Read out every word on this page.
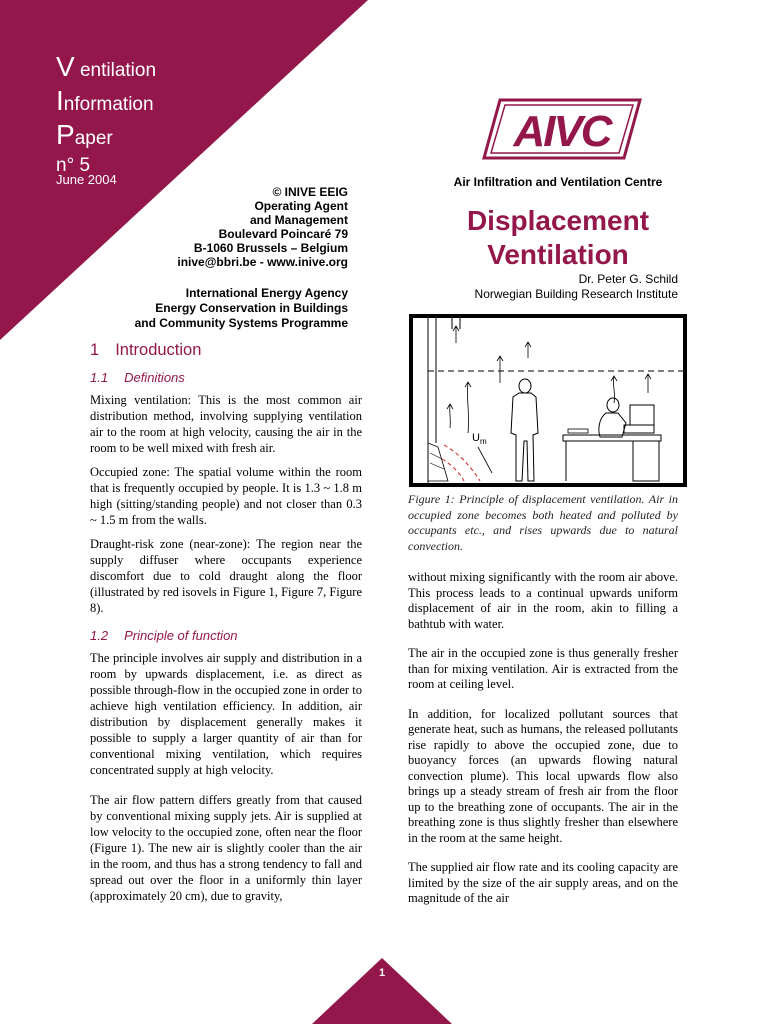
V entilation
Information
Paper
n° 5
June 2004
© INIVE EEIG
Operating Agent
and Management
Boulevard Poincaré 79
B-1060 Brussels – Belgium
inive@bbri.be - www.inive.org
International Energy Agency
Energy Conservation in Buildings
and Community Systems Programme
AIVC
Air Infiltration and Ventilation Centre
Displacement
Ventilation
Dr. Peter G. Schild
Norwegian Building Research Institute
1 Introduction
1.1 Definitions

Mixing ventilation: This is the most common air distribution method, involving supplying ventilation air to the room at high velocity, causing the air in the room to be well mixed with fresh air.

Occupied zone: The spatial volume within the room that is frequently occupied by people. It is 1.3 ~ 1.8 m high (sitting/standing people) and not closer than 0.3 ~ 1.5 m from the walls.

Draught-risk zone (near-zone): The region near the supply diffuser where occupants experience discomfort due to cold draught along the floor (illustrated by red isovels in Figure 1, Figure 7, Figure 8).

1.2 Principle of function

The principle involves air supply and distribution in a room by upwards displacement, i.e. as direct as possible through-flow in the occupied zone in order to achieve high ventilation efficiency. In addition, air distribution by displacement generally makes it possible to supply a larger quantity of air than for conventional mixing ventilation, which requires concentrated supply at high velocity.

The air flow pattern differs greatly from that caused by conventional mixing supply jets. Air is supplied at low velocity to the occupied zone, often near the floor (Figure 1). The new air is slightly cooler than the air in the room, and thus has a strong tendency to fall and spread out over the floor in a uniformly thin layer (approximately 20 cm), due to gravity,

$U_m$
Figure 1: Principle of displacement ventilation. Air in occupied zone becomes both heated and polluted by occupants etc., and rises upwards due to natural convection.

without mixing significantly with the room air above. This process leads to a continual upwards uniform displacement of air in the room, akin to filling a bathtub with water.

The air in the occupied zone is thus generally fresher than for mixing ventilation. Air is extracted from the room at ceiling level.

In addition, for localized pollutant sources that generate heat, such as humans, the released pollutants rise rapidly to above the occupied zone, due to buoyancy forces (an upwards flowing natural convection plume). This local upwards flow also brings up a steady stream of fresh air from the floor up to the breathing zone of occupants. The air in the breathing zone is thus slightly fresher than elsewhere in the room at the same height.

The supplied air flow rate and its cooling capacity are limited by the size of the air supply areas, and on the magnitude of the air

1
